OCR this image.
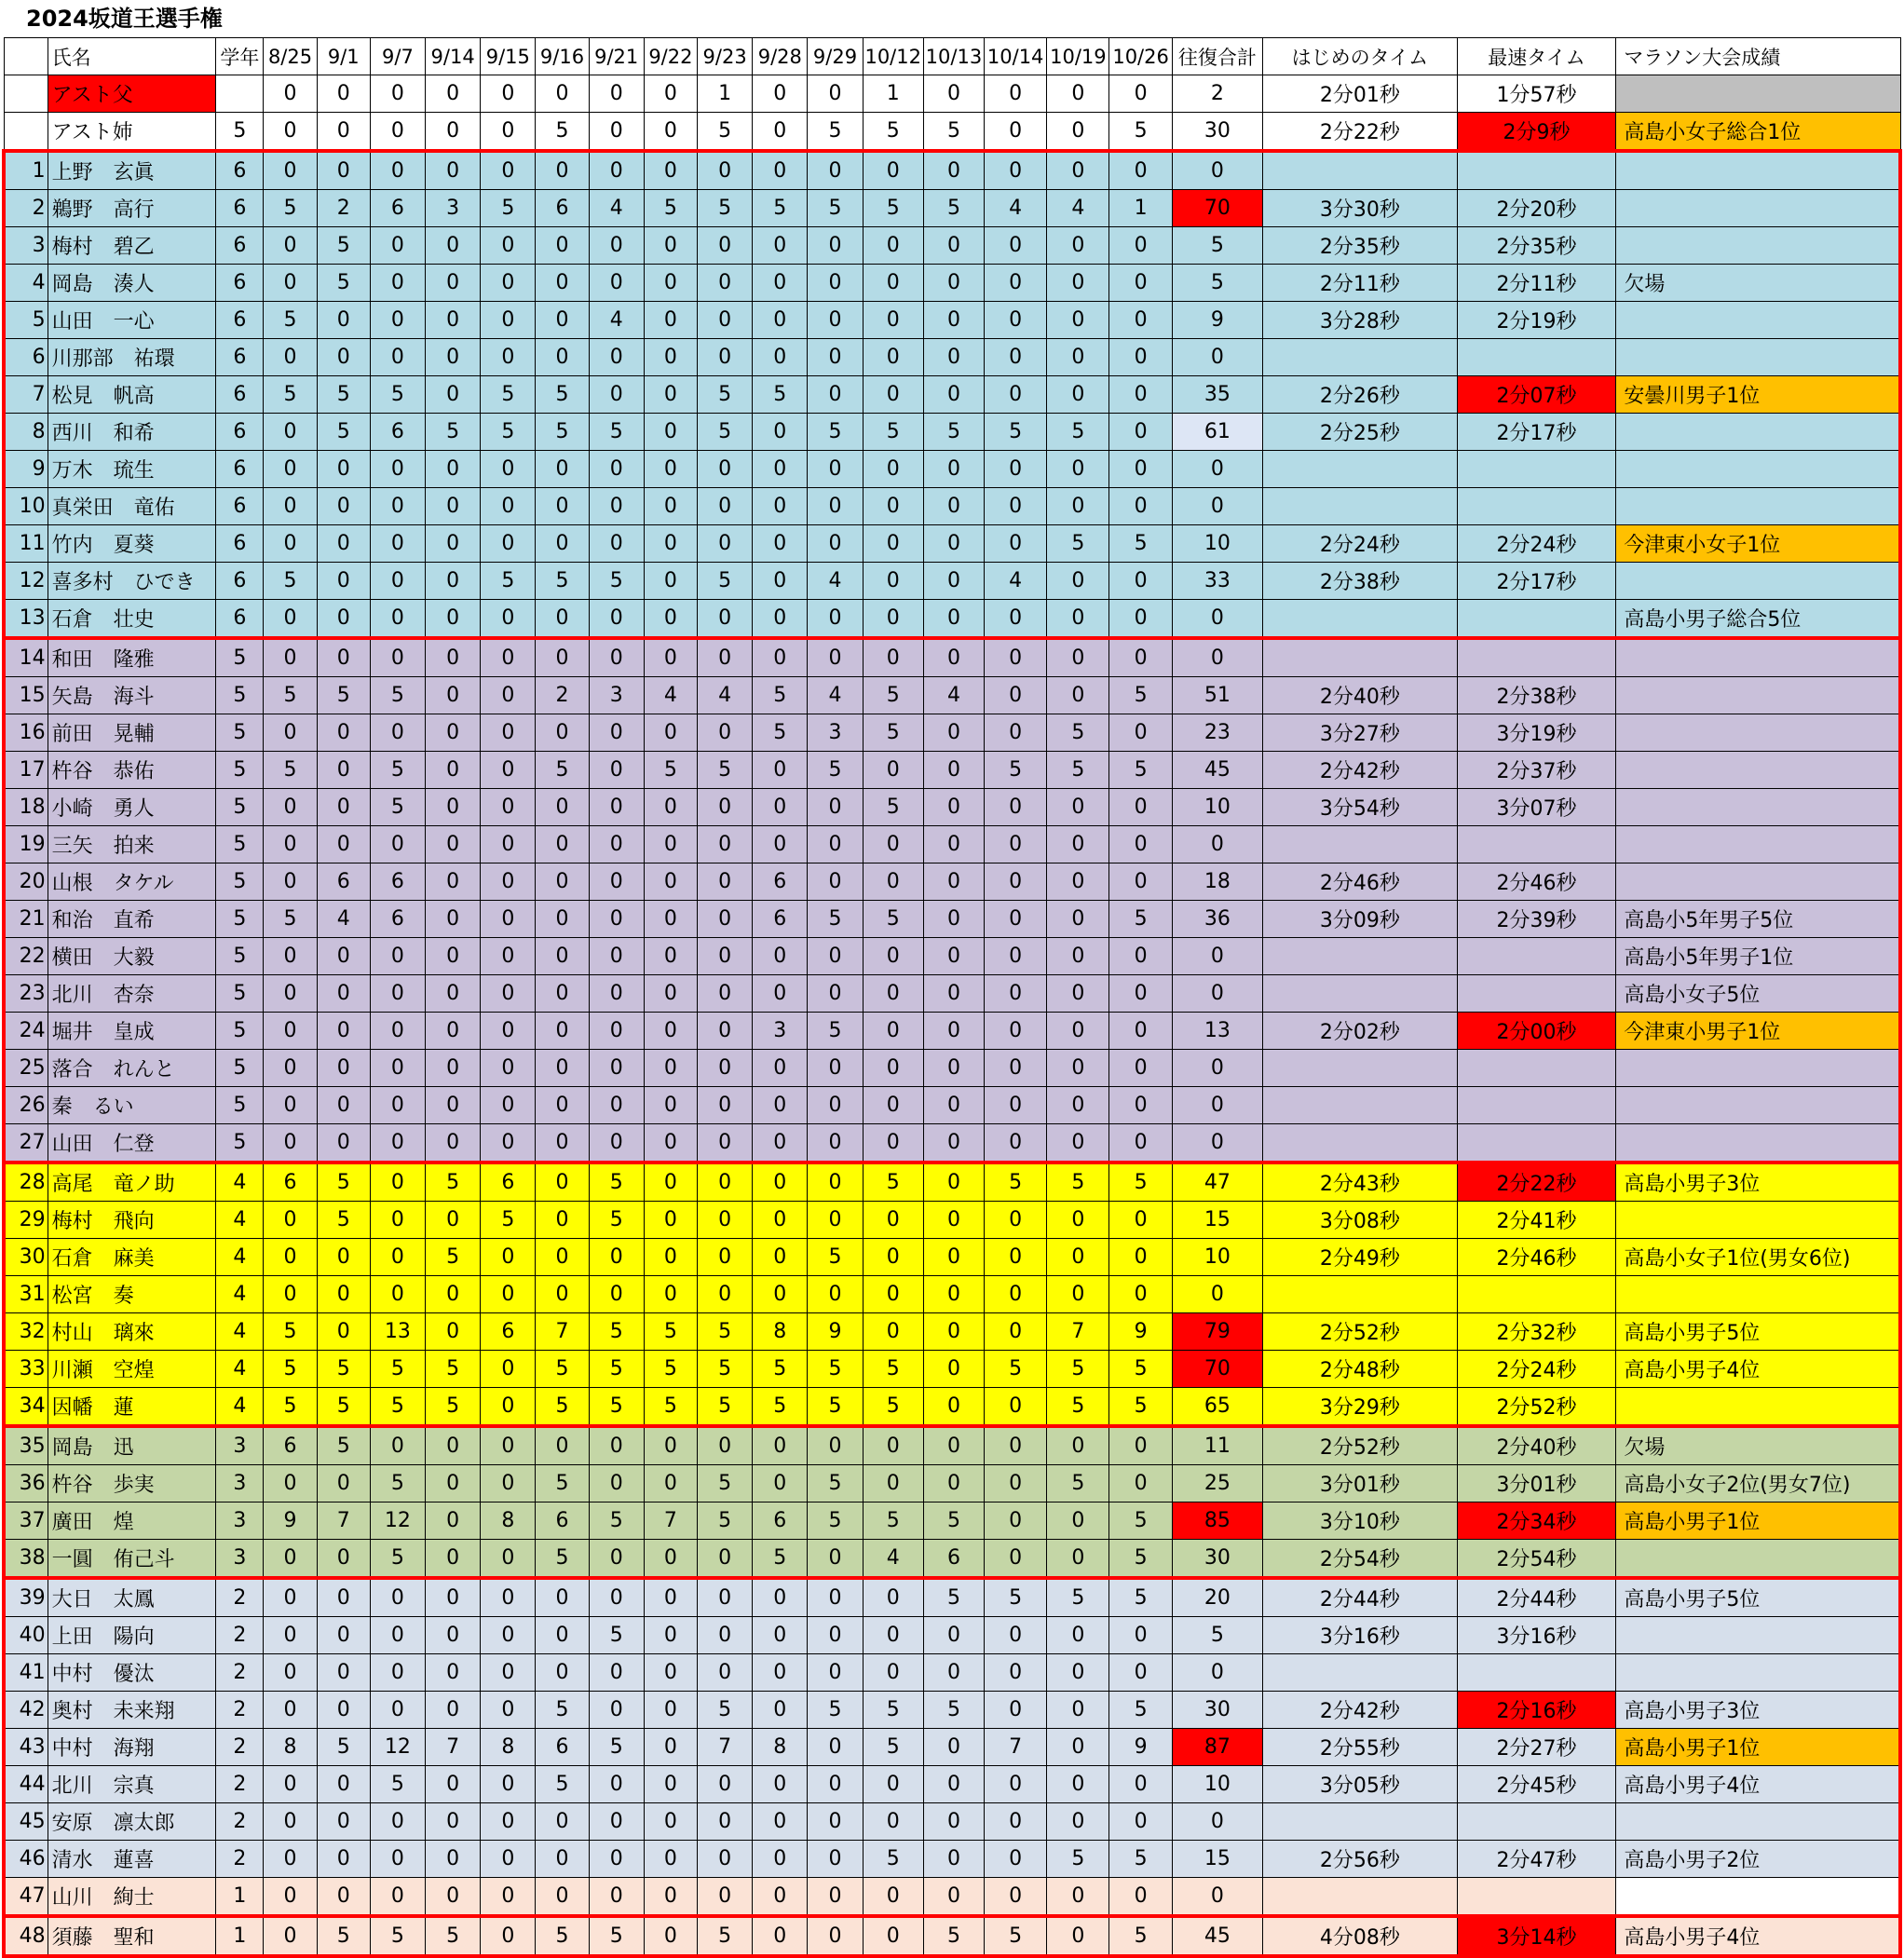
2024坂道王選手権
	氏名	学年	8/25	9/1	9/7	9/14	9/15	9/16	9/21	9/22	9/23	9/28	9/29	10/12	10/13	10/14	10/19	10/26	往復合計	はじめのタイム	最速タイム	マラソン大会成績
	アスト父		0	0	0	0	0	0	0	0	1	0	0	1	0	0	0	0	2	2分01秒	1分57秒	
	アスト姉	5	0	0	0	0	0	5	0	0	5	0	5	5	5	0	0	5	30	2分22秒	2分9秒	高島小女子総合1位
1	上野　玄眞	6	0	0	0	0	0	0	0	0	0	0	0	0	0	0	0	0	0			
2	鵜野　高行	6	5	2	6	3	5	6	4	5	5	5	5	5	5	4	4	1	70	3分30秒	2分20秒	
3	梅村　碧乙	6	0	5	0	0	0	0	0	0	0	0	0	0	0	0	0	0	5	2分35秒	2分35秒	
4	岡島　湊人	6	0	5	0	0	0	0	0	0	0	0	0	0	0	0	0	0	5	2分11秒	2分11秒	欠場
5	山田　一心	6	5	0	0	0	0	0	4	0	0	0	0	0	0	0	0	0	9	3分28秒	2分19秒	
6	川那部　祐環	6	0	0	0	0	0	0	0	0	0	0	0	0	0	0	0	0	0			
7	松見　帆高	6	5	5	5	0	5	5	0	0	5	5	0	0	0	0	0	0	35	2分26秒	2分07秒	安曇川男子1位
8	西川　和希	6	0	5	6	5	5	5	5	0	5	0	5	5	5	5	5	0	61	2分25秒	2分17秒	
9	万木　琉生	6	0	0	0	0	0	0	0	0	0	0	0	0	0	0	0	0	0			
10	真栄田　竜佑	6	0	0	0	0	0	0	0	0	0	0	0	0	0	0	0	0	0			
11	竹内　夏葵	6	0	0	0	0	0	0	0	0	0	0	0	0	0	0	5	5	10	2分24秒	2分24秒	今津東小女子1位
12	喜多村　ひでき	6	5	0	0	0	5	5	5	0	5	0	4	0	0	4	0	0	33	2分38秒	2分17秒	
13	石倉　壮史	6	0	0	0	0	0	0	0	0	0	0	0	0	0	0	0	0	0			高島小男子総合5位
14	和田　隆雅	5	0	0	0	0	0	0	0	0	0	0	0	0	0	0	0	0	0			
15	矢島　海斗	5	5	5	5	0	0	2	3	4	4	5	4	5	4	0	0	5	51	2分40秒	2分38秒	
16	前田　晃輔	5	0	0	0	0	0	0	0	0	0	5	3	5	0	0	5	0	23	3分27秒	3分19秒	
17	杵谷　恭佑	5	5	0	5	0	0	5	0	5	5	0	5	0	0	5	5	5	45	2分42秒	2分37秒	
18	小崎　勇人	5	0	0	5	0	0	0	0	0	0	0	0	5	0	0	0	0	10	3分54秒	3分07秒	
19	三矢　拍来	5	0	0	0	0	0	0	0	0	0	0	0	0	0	0	0	0	0			
20	山根　タケル	5	0	6	6	0	0	0	0	0	0	6	0	0	0	0	0	0	18	2分46秒	2分46秒	
21	和治　直希	5	5	4	6	0	0	0	0	0	0	6	5	5	0	0	0	5	36	3分09秒	2分39秒	高島小5年男子5位
22	横田　大毅	5	0	0	0	0	0	0	0	0	0	0	0	0	0	0	0	0	0			高島小5年男子1位
23	北川　杏奈	5	0	0	0	0	0	0	0	0	0	0	0	0	0	0	0	0	0			高島小女子5位
24	堀井　皇成	5	0	0	0	0	0	0	0	0	0	3	5	0	0	0	0	0	13	2分02秒	2分00秒	今津東小男子1位
25	落合　れんと	5	0	0	0	0	0	0	0	0	0	0	0	0	0	0	0	0	0			
26	秦　るい	5	0	0	0	0	0	0	0	0	0	0	0	0	0	0	0	0	0			
27	山田　仁登	5	0	0	0	0	0	0	0	0	0	0	0	0	0	0	0	0	0			
28	高尾　竜ノ助	4	6	5	0	5	6	0	5	0	0	0	0	5	0	5	5	5	47	2分43秒	2分22秒	高島小男子3位
29	梅村　飛向	4	0	5	0	0	5	0	5	0	0	0	0	0	0	0	0	0	15	3分08秒	2分41秒	
30	石倉　麻美	4	0	0	0	5	0	0	0	0	0	0	5	0	0	0	0	0	10	2分49秒	2分46秒	高島小女子1位(男女6位)
31	松宮　奏	4	0	0	0	0	0	0	0	0	0	0	0	0	0	0	0	0	0			
32	村山　璃來	4	5	0	13	0	6	7	5	5	5	8	9	0	0	0	7	9	79	2分52秒	2分32秒	高島小男子5位
33	川瀬　空煌	4	5	5	5	5	0	5	5	5	5	5	5	5	0	5	5	5	70	2分48秒	2分24秒	高島小男子4位
34	因幡　蓮	4	5	5	5	5	0	5	5	5	5	5	5	5	0	0	5	5	65	3分29秒	2分52秒	
35	岡島　迅	3	6	5	0	0	0	0	0	0	0	0	0	0	0	0	0	0	11	2分52秒	2分40秒	欠場
36	杵谷　歩実	3	0	0	5	0	0	5	0	0	5	0	5	0	0	0	5	0	25	3分01秒	3分01秒	高島小女子2位(男女7位)
37	廣田　煌	3	9	7	12	0	8	6	5	7	5	6	5	5	5	0	0	5	85	3分10秒	2分34秒	高島小男子1位
38	一圓　侑己斗	3	0	0	5	0	0	5	0	0	0	5	0	4	6	0	0	5	30	2分54秒	2分54秒	
39	大日　太鳳	2	0	0	0	0	0	0	0	0	0	0	0	0	5	5	5	5	20	2分44秒	2分44秒	高島小男子5位
40	上田　陽向	2	0	0	0	0	0	0	5	0	0	0	0	0	0	0	0	0	5	3分16秒	3分16秒	
41	中村　優汰	2	0	0	0	0	0	0	0	0	0	0	0	0	0	0	0	0	0			
42	奥村　未来翔	2	0	0	0	0	0	5	0	0	5	0	5	5	5	0	0	5	30	2分42秒	2分16秒	高島小男子3位
43	中村　海翔	2	8	5	12	7	8	6	5	0	7	8	0	5	0	7	0	9	87	2分55秒	2分27秒	高島小男子1位
44	北川　宗真	2	0	0	5	0	0	5	0	0	0	0	0	0	0	0	0	0	10	3分05秒	2分45秒	高島小男子4位
45	安原　凛太郎	2	0	0	0	0	0	0	0	0	0	0	0	0	0	0	0	0	0			
46	清水　蓮喜	2	0	0	0	0	0	0	0	0	0	0	0	5	0	0	5	5	15	2分56秒	2分47秒	高島小男子2位
47	山川　絢士	1	0	0	0	0	0	0	0	0	0	0	0	0	0	0	0	0	0			
48	須藤　聖和	1	0	5	5	5	0	5	5	0	5	0	0	0	5	5	0	5	45	4分08秒	3分14秒	高島小男子4位
